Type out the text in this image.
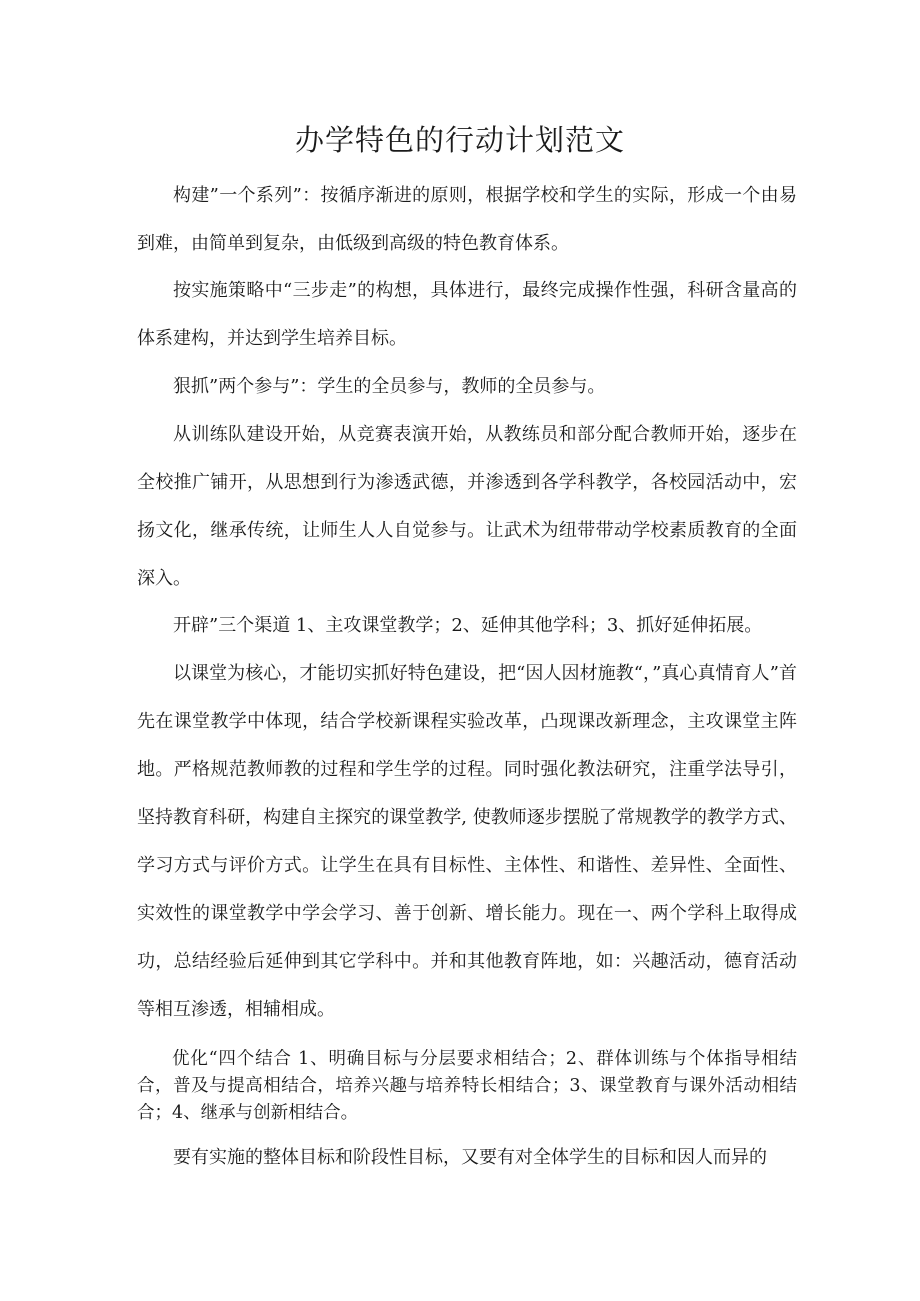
办学特色的行动计划范文

构建”一个系列”：按循序渐进的原则，根据学校和学生的实际，形成一个由易到难，由简单到复杂，由低级到高级的特色教育体系。

按实施策略中“三步走”的构想，具体进行，最终完成操作性强，科研含量高的体系建构，并达到学生培养目标。

狠抓”两个参与”：学生的全员参与，教师的全员参与。

从训练队建设开始，从竞赛表演开始，从教练员和部分配合教师开始，逐步在全校推广铺开，从思想到行为渗透武德，并渗透到各学科教学，各校园活动中，宏扬文化，继承传统，让师生人人自觉参与。让武术为纽带带动学校素质教育的全面深入。

开辟”三个渠道 1、主攻课堂教学；2、延伸其他学科；3、抓好延伸拓展。

以课堂为核心，才能切实抓好特色建设，把“因人因材施教“，”真心真情育人”首先在课堂教学中体现，结合学校新课程实验改革，凸现课改新理念，主攻课堂主阵地。严格规范教师教的过程和学生学的过程。同时强化教法研究，注重学法导引，坚持教育科研，构建自主探究的课堂教学, 使教师逐步摆脱了常规教学的教学方式、学习方式与评价方式。让学生在具有目标性、主体性、和谐性、差异性、全面性、实效性的课堂教学中学会学习、善于创新、增长能力。现在一、两个学科上取得成功，总结经验后延伸到其它学科中。并和其他教育阵地，如：兴趣活动，德育活动等相互渗透，相辅相成。

优化“四个结合 1、明确目标与分层要求相结合；2、群体训练与个体指导相结合，普及与提高相结合，培养兴趣与培养特长相结合；3、课堂教育与课外活动相结合；4、继承与创新相结合。

要有实施的整体目标和阶段性目标，又要有对全体学生的目标和因人而异的
